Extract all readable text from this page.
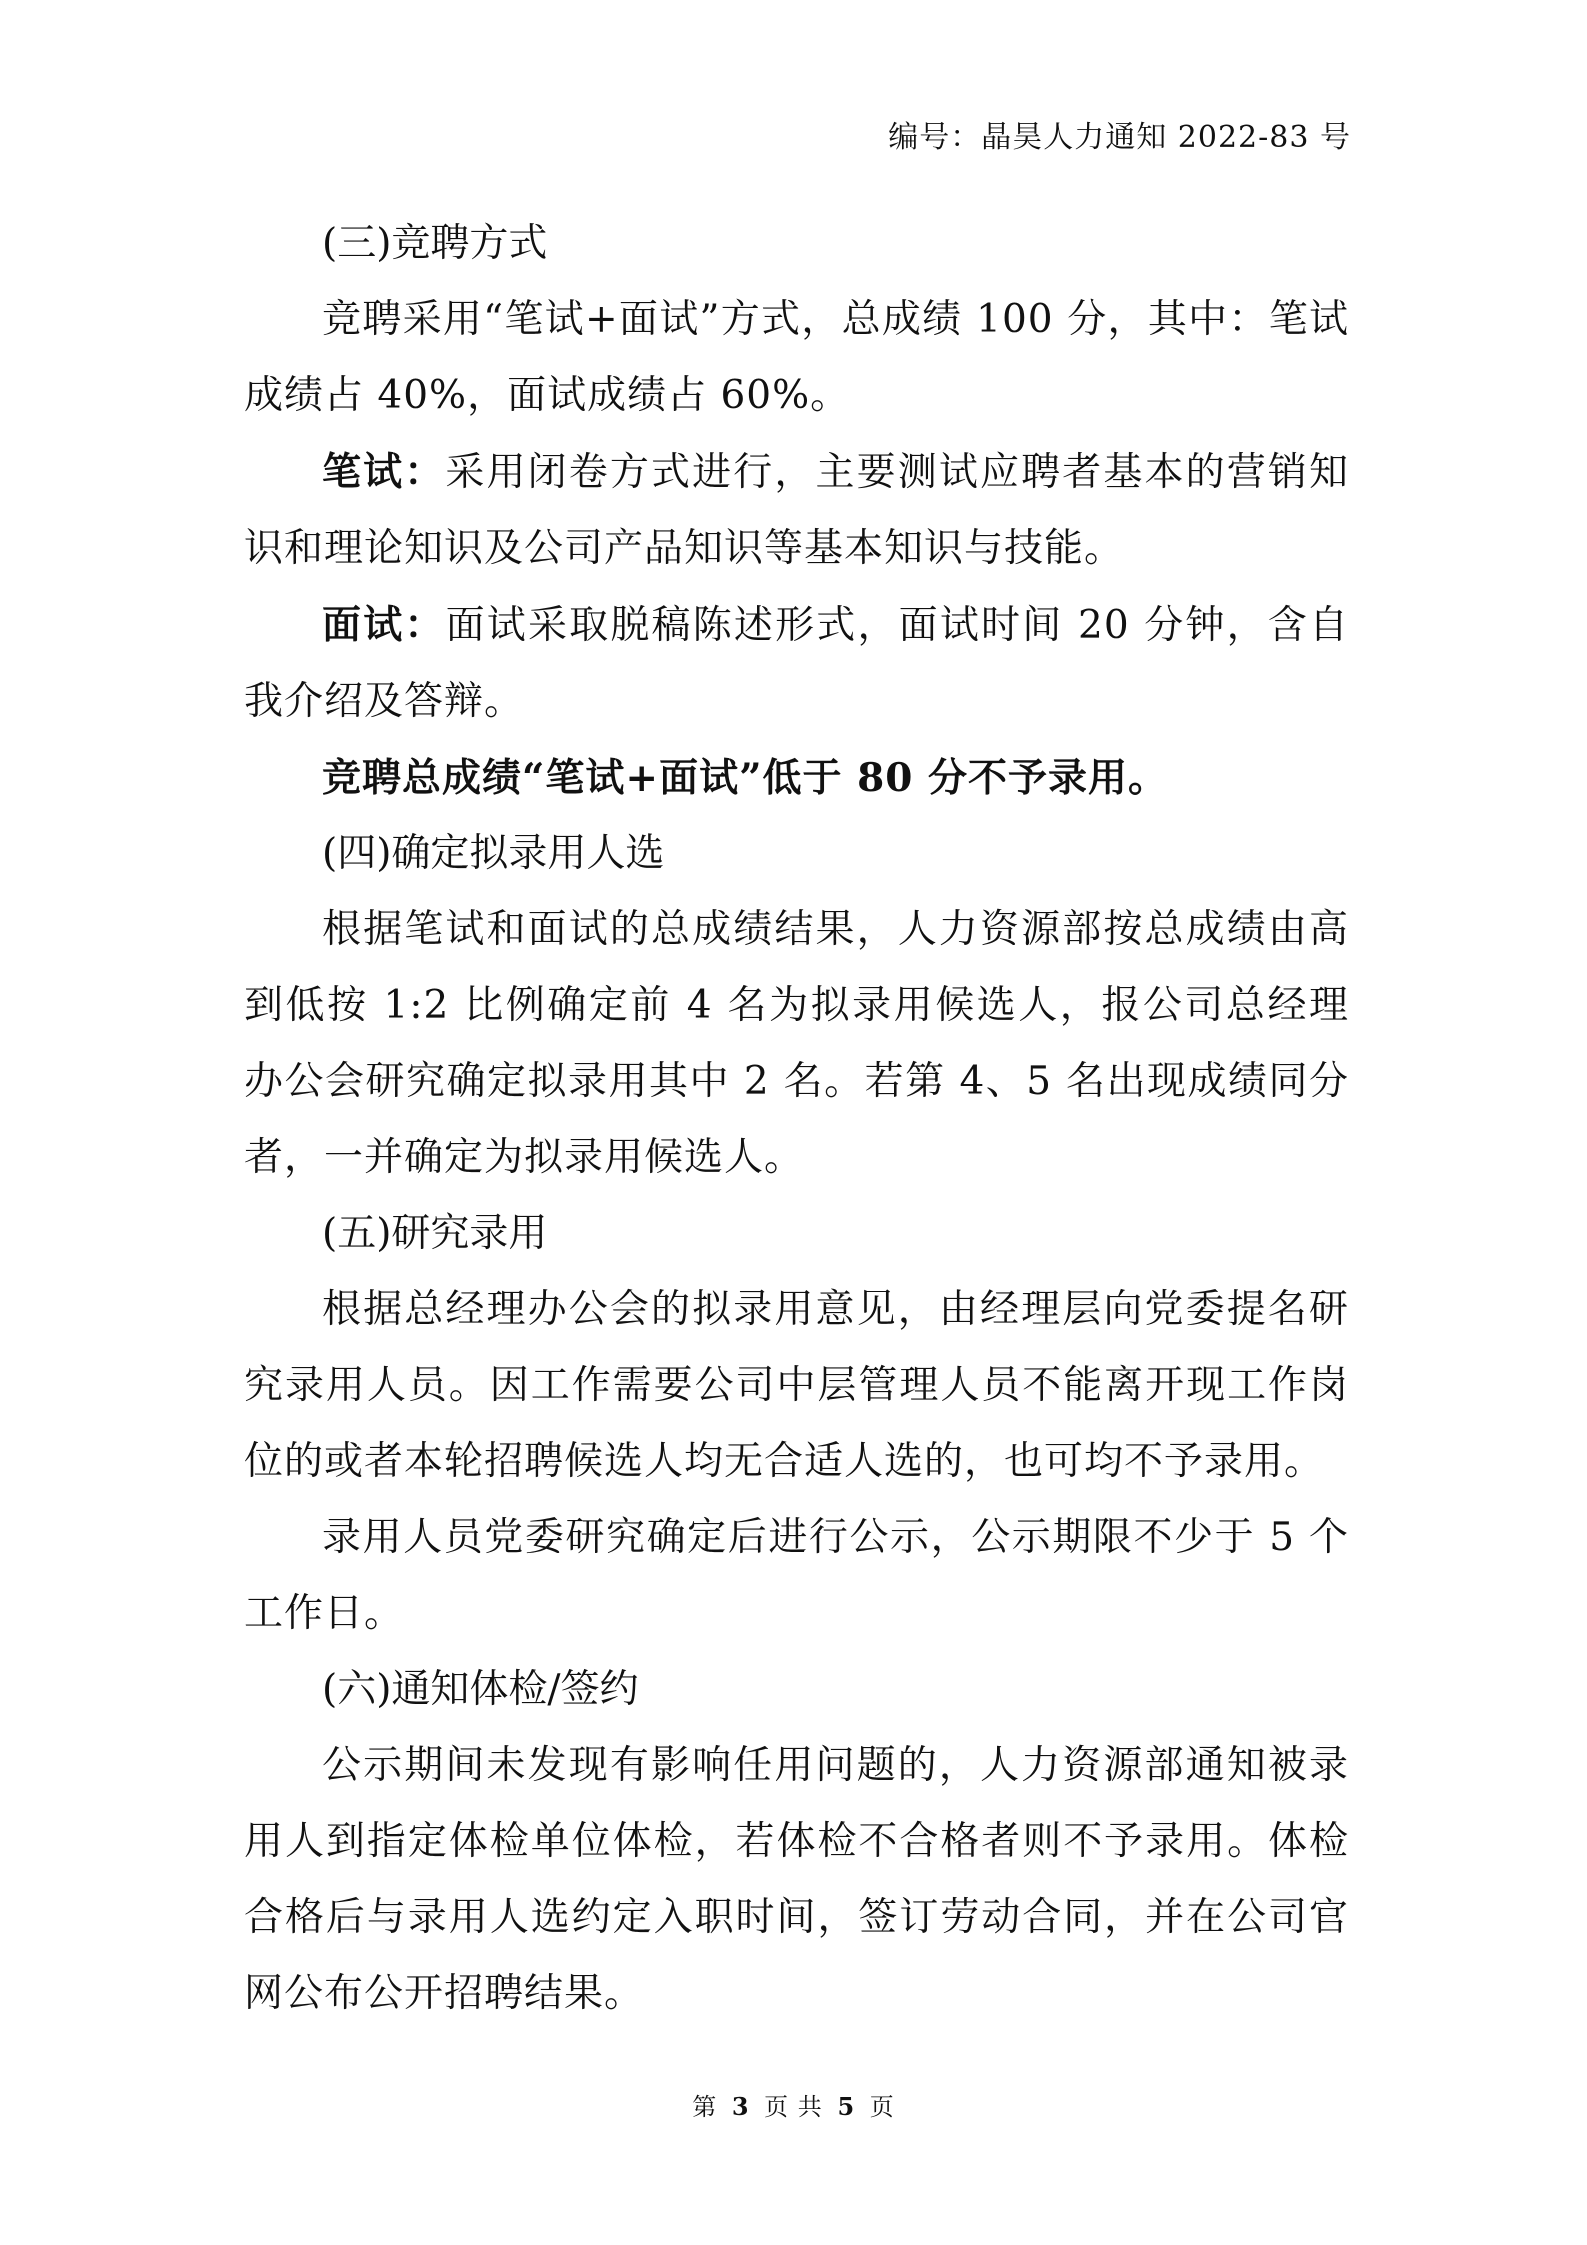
编号：晶昊人力通知 2022-83 号

(三)竞聘方式

竞聘采用“笔试+面试”方式，总成绩 100 分，其中：笔试成绩占 40%，面试成绩占 60%。

笔试：采用闭卷方式进行，主要测试应聘者基本的营销知识和理论知识及公司产品知识等基本知识与技能。

面试：面试采取脱稿陈述形式，面试时间 20 分钟，含自我介绍及答辩。

竞聘总成绩“笔试+面试”低于 80 分不予录用。

(四)确定拟录用人选

根据笔试和面试的总成绩结果，人力资源部按总成绩由高到低按 1:2 比例确定前 4 名为拟录用候选人，报公司总经理办公会研究确定拟录用其中 2 名。若第 4、5 名出现成绩同分者，一并确定为拟录用候选人。

(五)研究录用

根据总经理办公会的拟录用意见，由经理层向党委提名研究录用人员。因工作需要公司中层管理人员不能离开现工作岗位的或者本轮招聘候选人均无合适人选的，也可均不予录用。

录用人员党委研究确定后进行公示，公示期限不少于 5 个工作日。

(六)通知体检/签约

公示期间未发现有影响任用问题的，人力资源部通知被录用人到指定体检单位体检，若体检不合格者则不予录用。体检合格后与录用人选约定入职时间，签订劳动合同，并在公司官网公布公开招聘结果。

第 3 页 共 5 页
